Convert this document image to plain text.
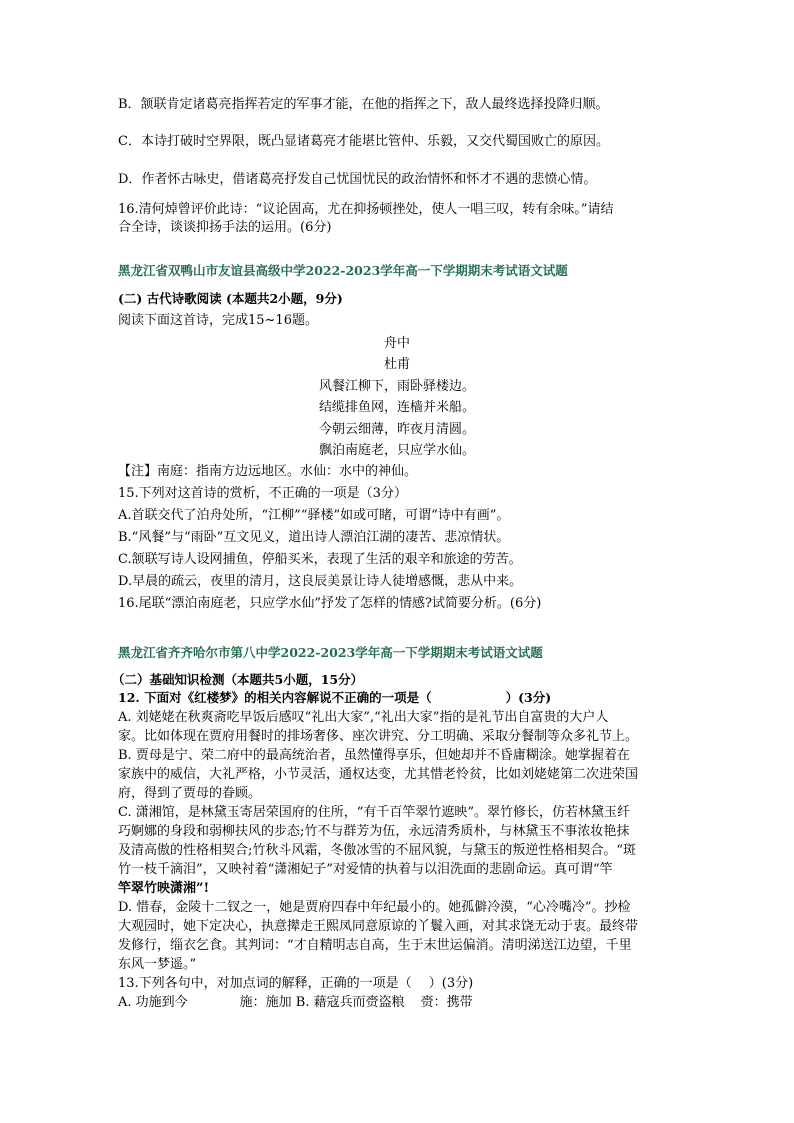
B．颔联肯定诸葛亮指挥若定的军事才能，在他的指挥之下，敌人最终选择投降归顺。
C．本诗打破时空界限，既凸显诸葛亮才能堪比管仲、乐毅，又交代蜀国败亡的原因。
D．作者怀古咏史，借诸葛亮抒发自己忧国忧民的政治情怀和怀才不遇的悲愤心情。
16.清何焯曾评价此诗：“议论固高，尤在抑扬顿挫处，使人一唱三叹，转有余味。”请结
合全诗，谈谈抑扬手法的运用。(6分)
黑龙江省双鸭山市友谊县高级中学2022-2023学年高一下学期期末考试语文试题
(二) 古代诗歌阅读 (本题共2小题，9分)
阅读下面这首诗，完成15~16题。
舟中
杜甫
风餐江柳下，雨卧驿楼边。
结缆排鱼网，连樯并米船。
今朝云细薄，昨夜月清圆。
飘泊南庭老，只应学水仙。
【注】南庭：指南方边远地区。水仙：水中的神仙。
15.下列对这首诗的赏析，不正确的一项是（3分）
A.首联交代了泊舟处所，“江柳”“驿楼”如或可睹，可谓“诗中有画”。
B.“风餐”与“雨卧”互文见义，道出诗人漂泊江湖的凄苦、悲凉情状。
C.颔联写诗人设网捕鱼，停船买米，表现了生活的艰辛和旅途的劳苦。
D.早晨的疏云，夜里的清月，这良辰美景让诗人徒增感慨，悲从中来。
16.尾联“漂泊南庭老，只应学水仙”抒发了怎样的情感?试简要分析。(6分)
黑龙江省齐齐哈尔市第八中学2022-2023学年高一下学期期末考试语文试题
（二）基础知识检测（本题共5小题，15分）
12. 下面对《红楼梦》的相关内容解说不正确的一项是（	）(3分)
A. 刘姥姥在秋爽斋吃早饭后感叹“礼出大家”,“礼出大家”指的是礼节出自富贵的大户人
家。比如体现在贾府用餐时的排场奢侈、座次讲究、分工明确、采取分餐制等众多礼节上。
B. 贾母是宁、荣二府中的最高统治者，虽然懂得享乐，但她却并不昏庸糊涂。她掌握着在
家族中的威信，大礼严格，小节灵活，通权达变，尤其惜老怜贫，比如刘姥姥第二次进荣国
府，得到了贾母的眷顾。
C. 潇湘馆，是林黛玉寄居荣国府的住所，“有千百竿翠竹遮映”。翠竹修长，仿若林黛玉纤
巧婀娜的身段和弱柳扶风的步态;竹不与群芳为伍，永远清秀质朴，与林黛玉不事浓妆艳抹
及清高傲的性格相契合;竹秋斗风霜，冬傲冰雪的不屈风貌，与黛玉的叛逆性格相契合。“斑
竹一枝千滴泪”，又映衬着“潇湘妃子”对爱情的执着与以泪洗面的悲剧命运。真可谓“竿
竿翠竹映潇湘”!
D. 惜春，金陵十二钗之一，她是贾府四春中年纪最小的。她孤僻冷漠，“心冷嘴冷”。抄检
大观园时，她下定决心，执意撵走王熙凤同意原谅的丫鬟入画，对其求饶无动于衷。最终带
发修行，缁衣乞食。其判词：“才自精明志自高，生于末世运偏消。清明涕送江边望，千里
东风一梦遥。”
13.下列各句中，对加点词的解释，正确的一项是（　 ）(3分)
A. 功施到今	施：施加 B. 藉寇兵而赍盗粮 赍：携带
